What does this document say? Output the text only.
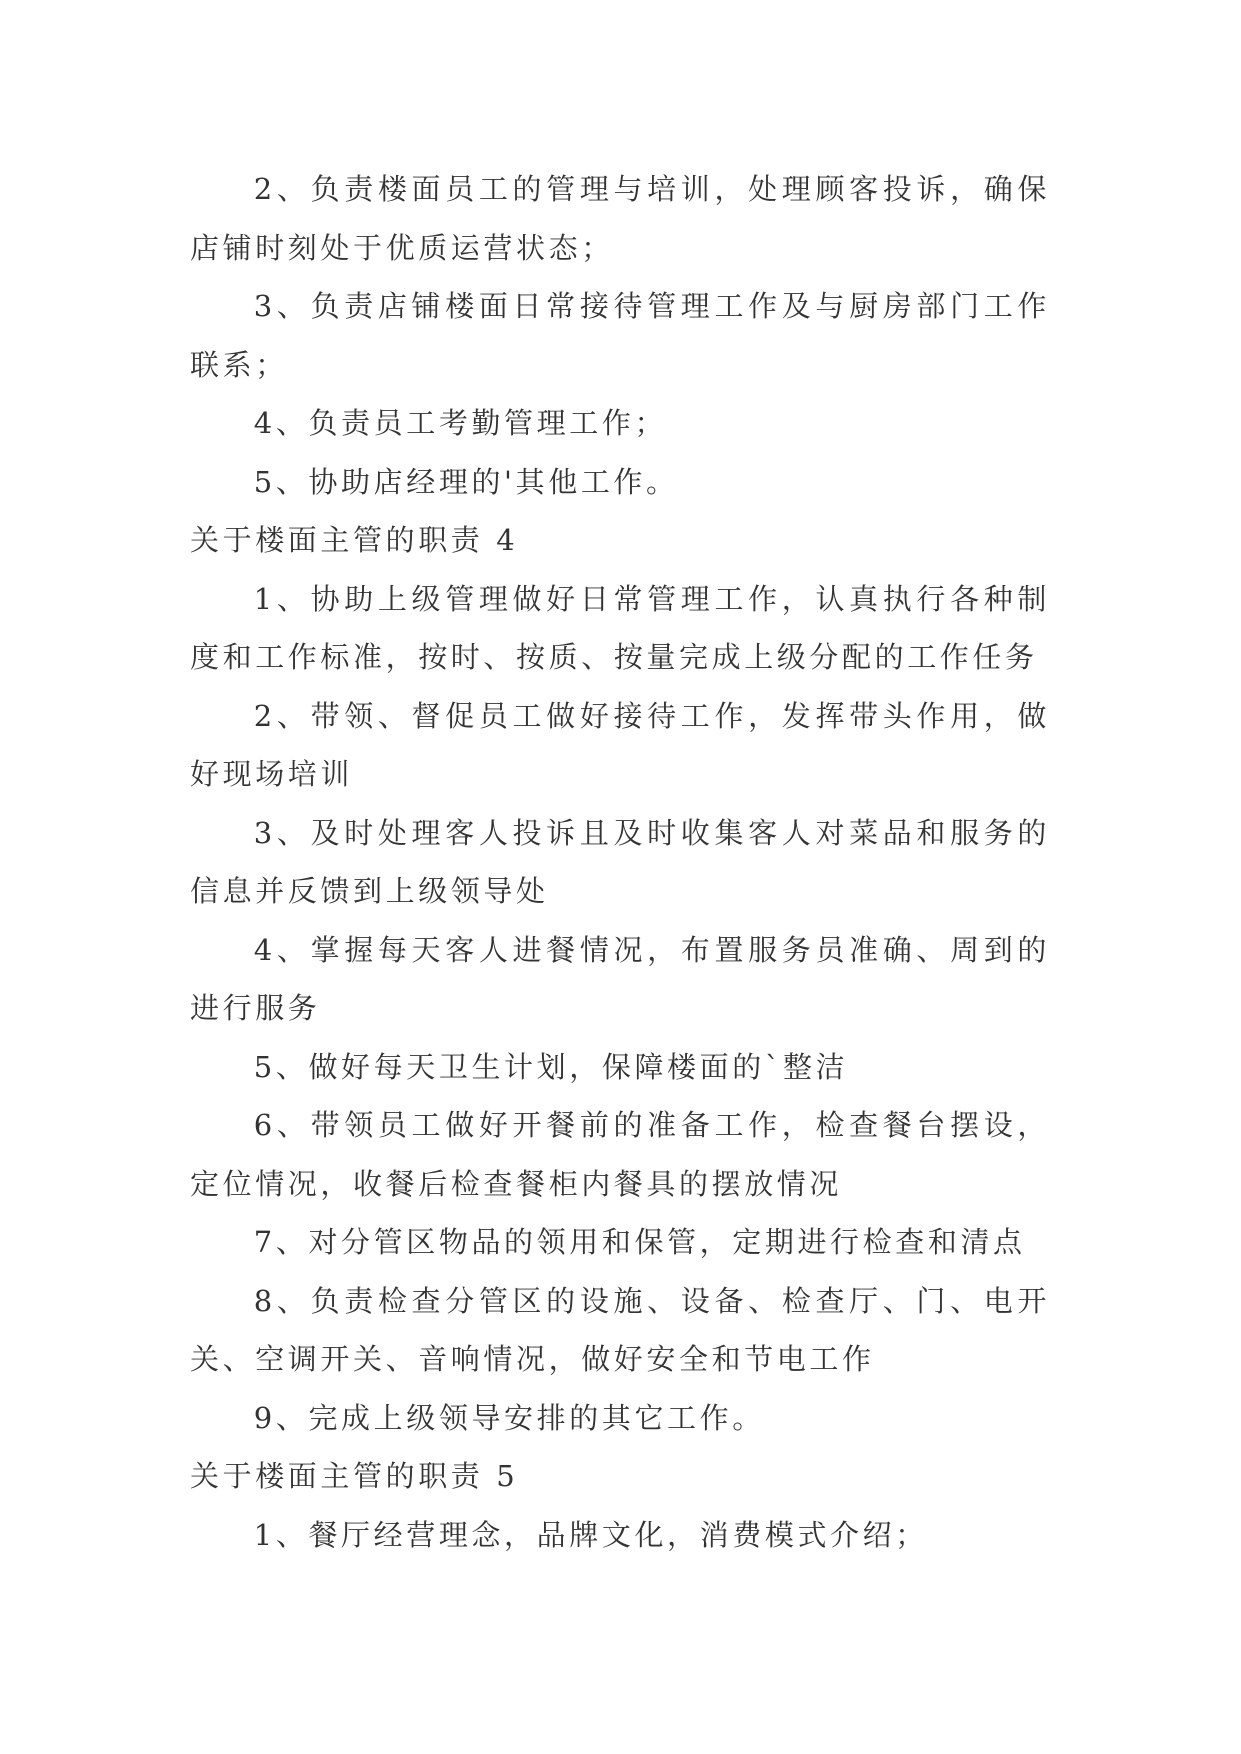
2、负责楼面员工的管理与培训，处理顾客投诉，确保店铺时刻处于优质运营状态；

3、负责店铺楼面日常接待管理工作及与厨房部门工作联系；

4、负责员工考勤管理工作；

5、协助店经理的'其他工作。

关于楼面主管的职责 4

1、协助上级管理做好日常管理工作，认真执行各种制度和工作标准，按时、按质、按量完成上级分配的工作任务

2、带领、督促员工做好接待工作，发挥带头作用，做好现场培训

3、及时处理客人投诉且及时收集客人对菜品和服务的信息并反馈到上级领导处

4、掌握每天客人进餐情况，布置服务员准确、周到的进行服务

5、做好每天卫生计划，保障楼面的`整洁

6、带领员工做好开餐前的准备工作，检查餐台摆设，定位情况，收餐后检查餐柜内餐具的摆放情况

7、对分管区物品的领用和保管，定期进行检查和清点

8、负责检查分管区的设施、设备、检查厅、门、电开关、空调开关、音响情况，做好安全和节电工作

9、完成上级领导安排的其它工作。

关于楼面主管的职责 5

1、餐厅经营理念，品牌文化，消费模式介绍；
